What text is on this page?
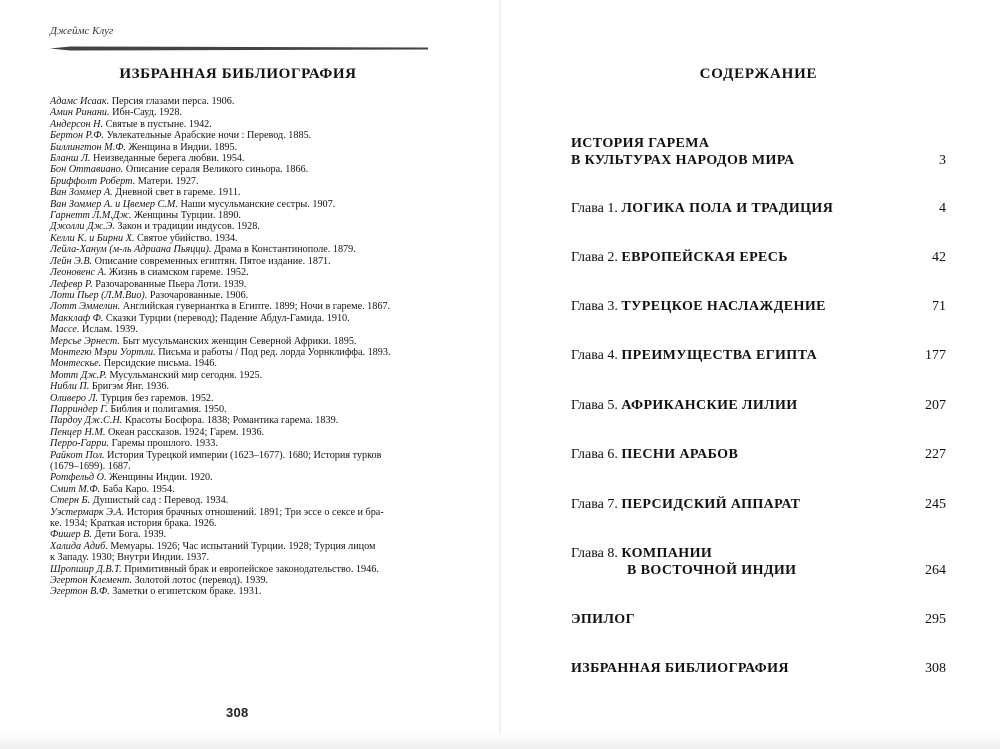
Джеймс Клуг
ИЗБРАННАЯ БИБЛИОГРАФИЯ
Адамс Исаак. Персия глазами перса. 1906.
Амин Ринани. Ибн-Сауд. 1928.
Андерсон Н. Святые в пустыне. 1942.
Бертон Р.Ф. Увлекательные Арабские ночи : Перевод. 1885.
Биллингтон М.Ф. Женщина в Индии. 1895.
Бланш Л. Неизведанные берега любви. 1954.
Бон Оттавиано. Описание сераля Великого синьора. 1866.
Бриффолт Роберт. Матери. 1927.
Ван Зоммер А. Дневной свет в гареме. 1911.
Ван Зоммер А. и Цвемер С.М. Наши мусульманские сестры. 1907.
Гарнетт Л.М.Дж. Женщины Турции. 1890.
Джолли Дж.Э. Закон и традиции индусов. 1928.
Келли К. и Бирни Х. Святое убийство. 1934.
Лейла-Ханум (м-ль Адриана Пьяцци). Драма в Константинополе. 1879.
Лейн Э.В. Описание современных египтян. Пятое издание. 1871.
Леоновенс А. Жизнь в сиамском гареме. 1952.
Лефевр Р. Разочарованные Пьера Лоти. 1939.
Лоти Пьер (Л.М.Вио). Разочарованные. 1906.
Лотт Эммелин. Английская гувернантка в Египте. 1899; Ночи в гареме. 1867.
Макклаф Ф. Сказки Турции (перевод); Падение Абдул-Гамида. 1910.
Массе. Ислам. 1939.
Мерсье Эрнест. Быт мусульманских женщин Северной Африки. 1895.
Монтегю Мэри Уортли. Письма и работы / Под ред. лорда Уорнклиффа. 1893.
Монтескье. Персидские письма. 1946.
Мотт Дж.Р. Мусульманский мир сегодня. 1925.
Нибли П. Бригэм Янг. 1936.
Оливеро Л. Турция без гаремов. 1952.
Парриндер Г. Библия и полигамия. 1950.
Пардоу Дж.С.Н. Красоты Босфора. 1838; Романтика гарема. 1839.
Пенцер Н.М. Океан рассказов. 1924; Гарем. 1936.
Перро-Гарри. Гаремы прошлого. 1933.
Райкот Пол. История Турецкой империи (1623–1677). 1680; История турков
(1679–1699). 1687.
Ротфельд О. Женщины Индии. 1920.
Смит М.Ф. Баба Каро. 1954.
Стерн Б. Душистый сад : Перевод. 1934.
Уэстермарк Э.А. История брачных отношений. 1891; Три эссе о сексе и бра-
ке. 1934; Краткая история брака. 1926.
Фишер В. Дети Бога. 1939.
Халида Адиб. Мемуары. 1926; Час испытаний Турции. 1928; Турция лицом
к Западу. 1930; Внутри Индии. 1937.
Шропшир Д.В.Т. Примитивный брак и европейское законодательство. 1946.
Эгертон Клемент. Золотой лотос (перевод). 1939.
Эгертон В.Ф. Заметки о египетском браке. 1931.
308
СОДЕРЖАНИЕ
ИСТОРИЯ ГАРЕМА
В КУЛЬТУРАХ НАРОДОВ МИРА	3
Глава 1. ЛОГИКА ПОЛА И ТРАДИЦИЯ	4
Глава 2. ЕВРОПЕЙСКАЯ ЕРЕСЬ	42
Глава 3. ТУРЕЦКОЕ НАСЛАЖДЕНИЕ	71
Глава 4. ПРЕИМУЩЕСТВА ЕГИПТА	177
Глава 5. АФРИКАНСКИЕ ЛИЛИИ	207
Глава 6. ПЕСНИ АРАБОВ	227
Глава 7. ПЕРСИДСКИЙ АППАРАТ	245
Глава 8. КОМПАНИИ
В ВОСТОЧНОЙ ИНДИИ	264
ЭПИЛОГ	295
ИЗБРАННАЯ БИБЛИОГРАФИЯ	308
